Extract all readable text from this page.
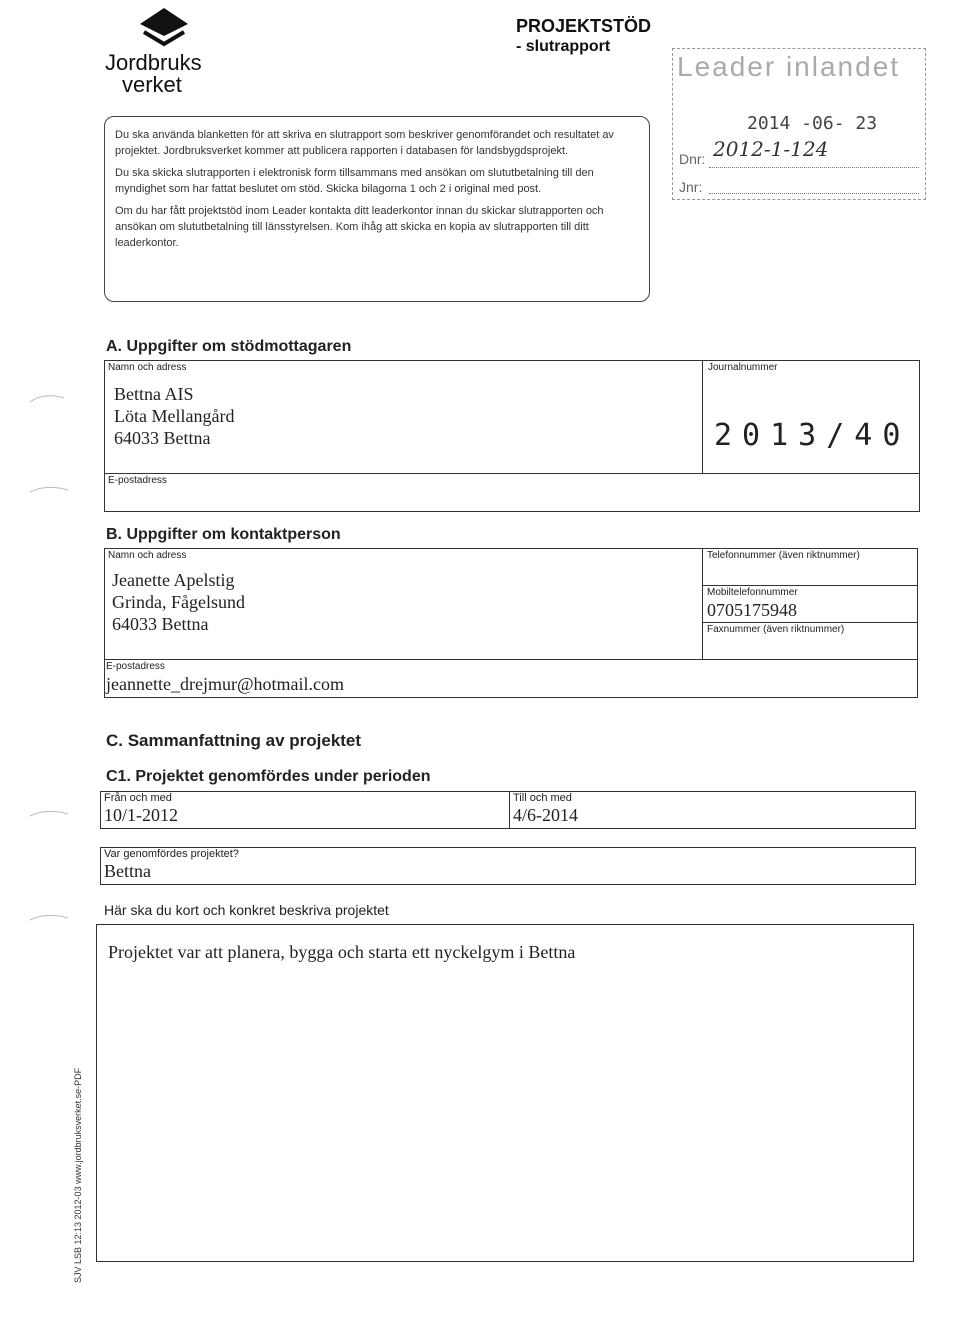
Jordbruks
verket
PROJEKTSTÖD
- slutrapport
Leader inlandet
2014 -06- 23
Dnr: 2012-1-124
Jnr:

Du ska använda blanketten för att skriva en slutrapport som beskriver genomförandet och resultatet av projektet. Jordbruksverket kommer att publicera rapporten i databasen för landsbygdsprojekt.

Du ska skicka slutrapporten i elektronisk form tillsammans med ansökan om slututbetalning till den myndighet som har fattat beslutet om stöd. Skicka bilagorna 1 och 2 i original med post.

Om du har fått projektstöd inom Leader kontakta ditt leaderkontor innan du skickar slutrapporten och ansökan om slututbetalning till länsstyrelsen. Kom ihåg att skicka en kopia av slutrapporten till ditt leaderkontor.

A. Uppgifter om stödmottagaren
Namn och adress
Bettna AIS
Löta Mellangård
64033 Bettna
Journalnummer
2013/40
E-postadress
B. Uppgifter om kontaktperson
Namn och adress
Jeanette Apelstig
Grinda, Fågelsund
64033 Bettna
Telefonnummer (även riktnummer)
Mobiltelefonnummer
0705175948
Faxnummer (även riktnummer)
E-postadress
jeannette_drejmur@hotmail.com
C. Sammanfattning av projektet
C1. Projektet genomfördes under perioden
Från och med
10/1-2012
Till och med
4/6-2014
Var genomfördes projektet?
Bettna
Här ska du kort och konkret beskriva projektet
Projektet var att planera, bygga och starta ett nyckelgym i Bettna
SJV LSB 12:13 2012-03 www.jordbruksverket.se-PDF
